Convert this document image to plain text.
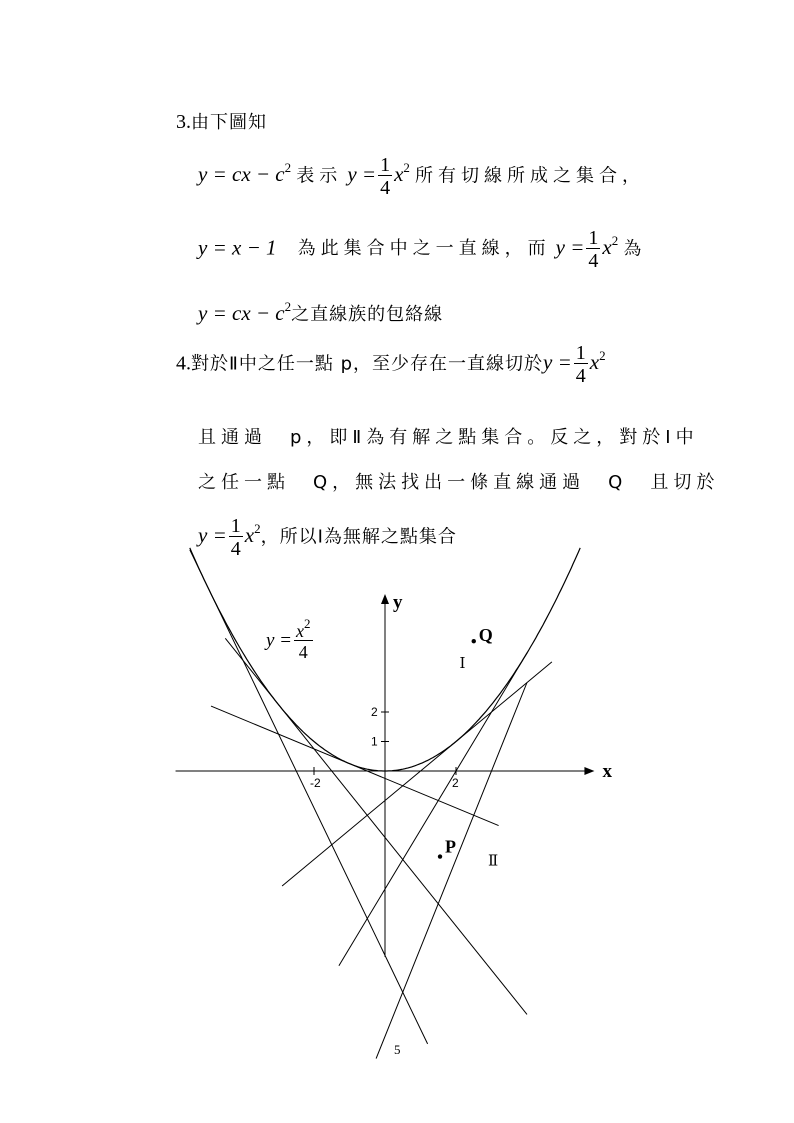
3.由下圖知
y = cx − $c^2$ 表示 $y = \frac{1}{4} x^2$ 所有切線所成之集合，
y = x − 1 為此集合中之一直線，而 $y = \frac{1}{4} x^2$ 為
y = cx − $c^2$之直線族的包絡線
4.對於Ⅱ中之任一點 p，至少存在一直線切於$y = \frac{1}{4} x^2$
且通過　p，即Ⅱ為有解之點集合。反之，對於Ⅰ中
之任一點　Q，無法找出一條直線通過　Q　且切於
$y = \frac{1}{4} x^2$，所以Ⅰ為無解之點集合
x
y
-2	2
1
2
Q
P
Ⅰ
Ⅱ
$y = \frac{x^2}{4}$
5
